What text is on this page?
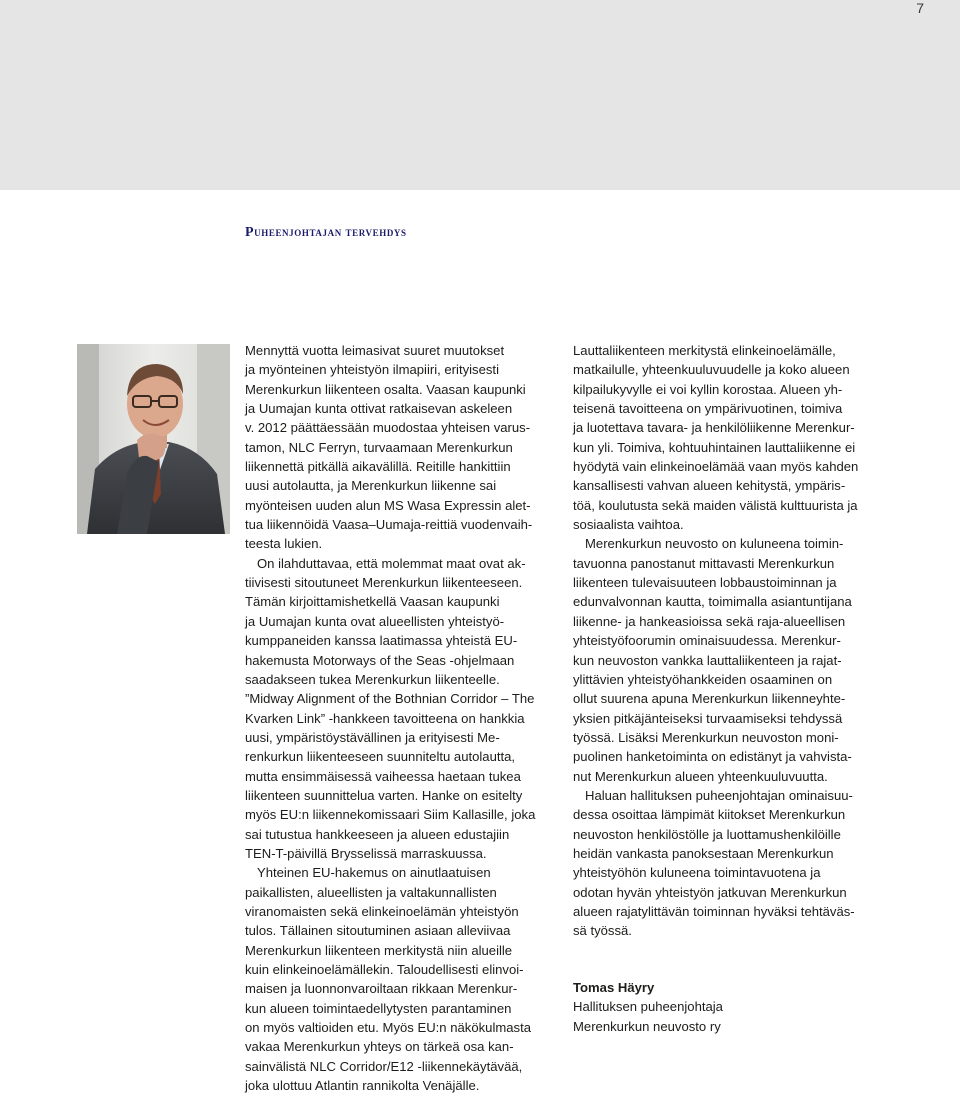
7
Puheenjohtajan tervehdys

Mennyttä vuotta leimasivat suuret muutokset

ja myönteinen yhteistyön ilmapiiri, erityisesti

Merenkurkun liikenteen osalta. Vaasan kaupunki

ja Uumajan kunta ottivat ratkaisevan askeleen

v. 2012 päättäessään muodostaa yhteisen varus-

tamon, NLC Ferryn, turvaamaan Merenkurkun

liikennettä pitkällä aikavälillä. Reitille hankittiin

uusi autolautta, ja Merenkurkun liikenne sai

myönteisen uuden alun MS Wasa Expressin alet-

tua liikennöidä Vaasa–Uumaja-reittiä vuodenvaih-

teesta lukien.

On ilahduttavaa, että molemmat maat ovat ak-

tiivisesti sitoutuneet Merenkurkun liikenteeseen.

Tämän kirjoittamishetkellä Vaasan kaupunki

ja Uumajan kunta ovat alueellisten yhteistyö-

kumppaneiden kanssa laatimassa yhteistä EU-

hakemusta Motorways of the Seas -ohjelmaan

saadakseen tukea Merenkurkun liikenteelle.

”Midway Alignment of the Bothnian Corridor – The

Kvarken Link” -hankkeen tavoitteena on hankkia

uusi, ympäristöystävällinen ja erityisesti Me-

renkurkun liikenteeseen suunniteltu autolautta,

mutta ensimmäisessä vaiheessa haetaan tukea

liikenteen suunnittelua varten. Hanke on esitelty

myös EU:n liikennekomissaari Siim Kallasille, joka

sai tutustua hankkeeseen ja alueen edustajiin

TEN-T-päivillä Brysselissä marraskuussa.

Yhteinen EU-hakemus on ainutlaatuisen

paikallisten, alueellisten ja valtakunnallisten

viranomaisten sekä elinkeinoelämän yhteistyön

tulos. Tällainen sitoutuminen asiaan alleviivaa

Merenkurkun liikenteen merkitystä niin alueille

kuin elinkeinoelämällekin. Taloudellisesti elinvoi-

maisen ja luonnonvaroiltaan rikkaan Merenkur-

kun alueen toimintaedellytysten parantaminen

on myös valtioiden etu. Myös EU:n näkökulmasta

vakaa Merenkurkun yhteys on tärkeä osa kan-

sainvälistä NLC Corridor/E12 -liikennekäytävää,

joka ulottuu Atlantin rannikolta Venäjälle.

Lauttaliikenteen merkitystä elinkeinoelämälle,

matkailulle, yhteenkuuluvuudelle ja koko alueen

kilpailukyvylle ei voi kyllin korostaa. Alueen yh-

teisenä tavoitteena on ympärivuotinen, toimiva

ja luotettava tavara- ja henkilöliikenne Merenkur-

kun yli. Toimiva, kohtuuhintainen lauttaliikenne ei

hyödytä vain elinkeinoelämää vaan myös kahden

kansallisesti vahvan alueen kehitystä, ympäris-

töä, koulutusta sekä maiden välistä kulttuurista ja

sosiaalista vaihtoa.

Merenkurkun neuvosto on kuluneena toimin-

tavuonna panostanut mittavasti Merenkurkun

liikenteen tulevaisuuteen lobbaustoiminnan ja

edunvalvonnan kautta, toimimalla asiantuntijana

liikenne- ja hankeasioissa sekä raja-alueellisen

yhteistyöfoorumin ominaisuudessa. Merenkur-

kun neuvoston vankka lauttaliikenteen ja rajat-

ylittävien yhteistyöhankkeiden osaaminen on

ollut suurena apuna Merenkurkun liikenneyhte-

yksien pitkäjänteiseksi turvaamiseksi tehdyssä

työssä. Lisäksi Merenkurkun neuvoston moni-

puolinen hanketoiminta on edistänyt ja vahvista-

nut Merenkurkun alueen yhteenkuuluvuutta.

Haluan hallituksen puheenjohtajan ominaisuu-

dessa osoittaa lämpimät kiitokset Merenkurkun

neuvoston henkilöstölle ja luottamushenkilöille

heidän vankasta panoksestaan Merenkurkun

yhteistyöhön kuluneena toimintavuotena ja

odotan hyvän yhteistyön jatkuvan Merenkurkun

alueen rajatylittävän toiminnan hyväksi tehtäväs-

sä työssä.

Tomas Häyry
Hallituksen puheenjohtaja
Merenkurkun neuvosto ry
